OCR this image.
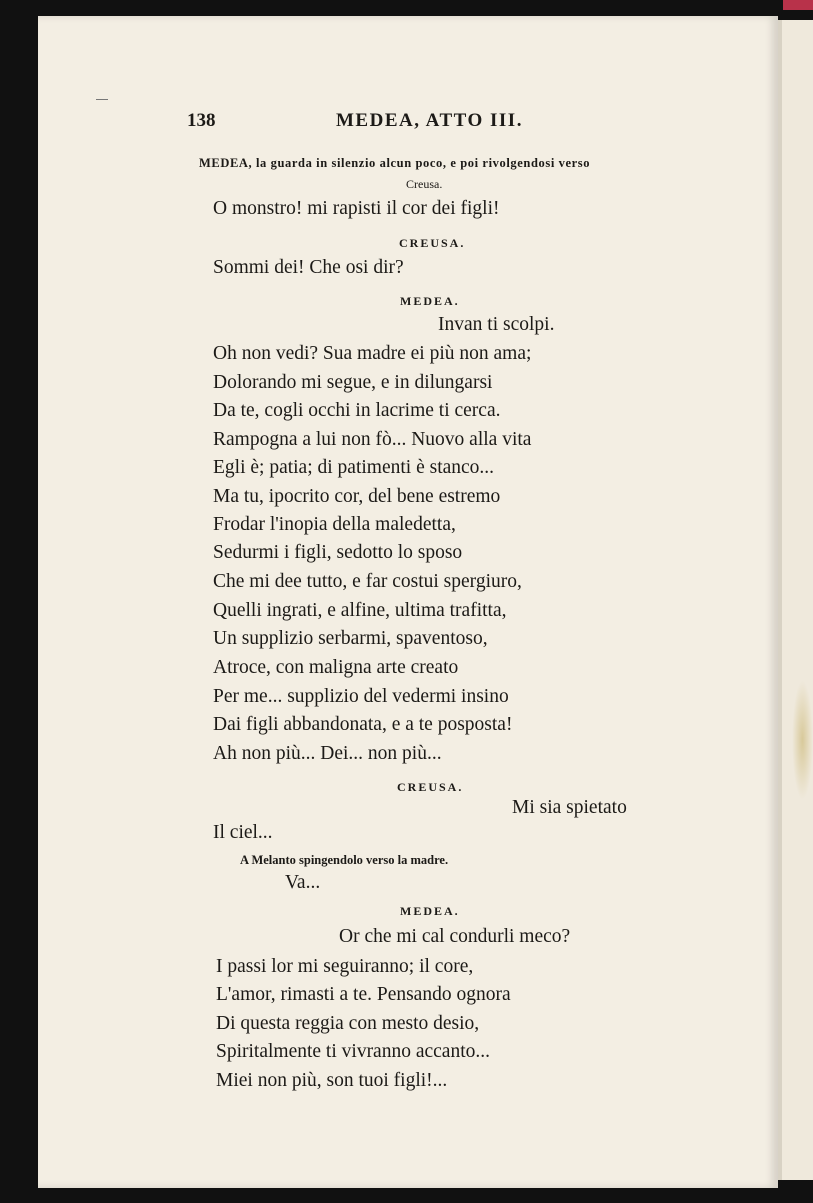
138	MEDEA, ATTO III.
MEDEA, la guarda in silenzio alcun poco, e poi rivolgendosi verso
Creusa.
O monstro! mi rapisti il cor dei figli!
CREUSA.
Sommi dei! Che osi dir?
MEDEA.
Invan ti scolpi.
Oh non vedi? Sua madre ei più non ama;
Dolorando mi segue, e in dilungarsi
Da te, cogli occhi in lacrime ti cerca.
Rampogna a lui non fò... Nuovo alla vita
Egli è; patia; di patimenti è stanco...
Ma tu, ipocrito cor, del bene estremo
Frodar l'inopia della maledetta,
Sedurmi i figli, sedotto lo sposo
Che mi dee tutto, e far costui spergiuro,
Quelli ingrati, e alfine, ultima trafitta,
Un supplizio serbarmi, spaventoso,
Atroce, con maligna arte creato
Per me... supplizio del vedermi insino
Dai figli abbandonata, e a te posposta!
Ah non più... Dei... non più...
CREUSA.
Mi sia spietato
Il ciel...
A Melanto spingendolo verso la madre.
Va...
MEDEA.
Or che mi cal condurli meco?
I passi lor mi seguiranno; il core,
L'amor, rimasti a te. Pensando ognora
Di questa reggia con mesto desio,
Spiritalmente ti vivranno accanto...
Miei non più, son tuoi figli!...
